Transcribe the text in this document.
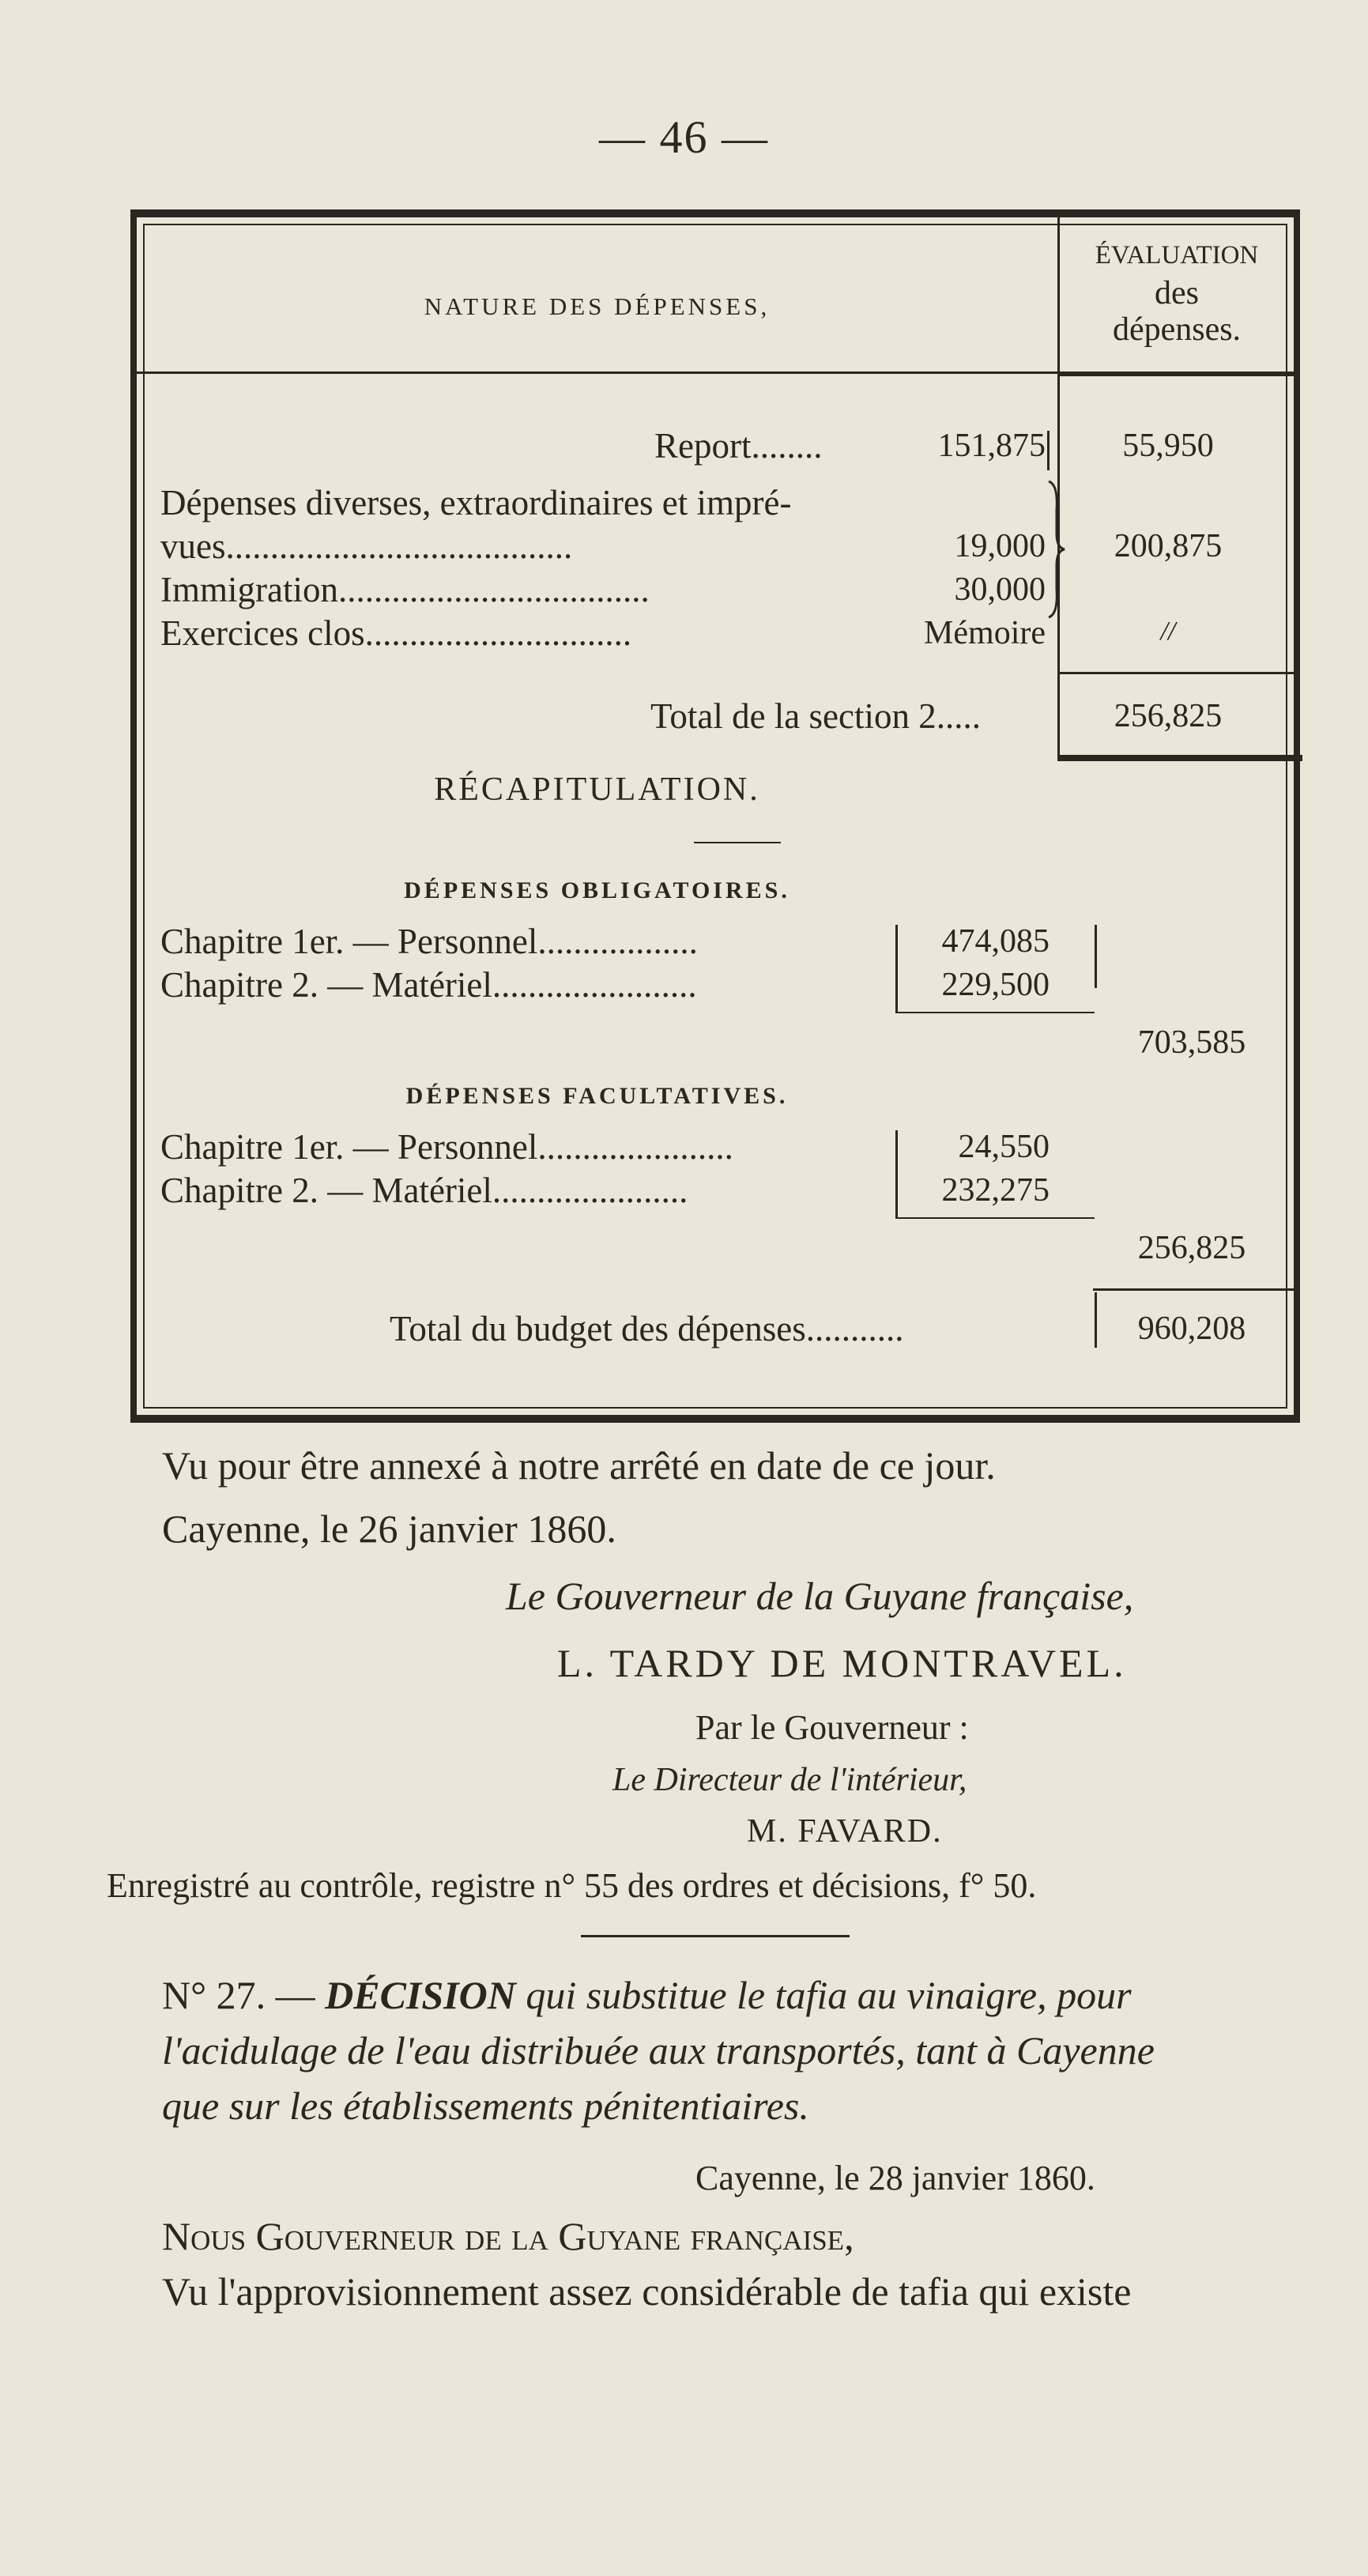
— 46 —
NATURE DES DÉPENSES,
ÉVALUATION
des
dépenses.
Report........	151,875	55,950
Dépenses diverses, extraordinaires et impré-
vues.......................................	19,000
Immigration...................................	30,000
200,875
Exercices clos..............................	Mémoire	//
Total de la section 2.....	256,825
RÉCAPITULATION.
DÉPENSES OBLIGATOIRES.
Chapitre 1er. — Personnel..................	474,085
Chapitre 2. — Matériel.......................	229,500
703,585
DÉPENSES FACULTATIVES.
Chapitre 1er. — Personnel......................	24,550
Chapitre 2. — Matériel......................	232,275
256,825
Total du budget des dépenses...........	960,208
Vu pour être annexé à notre arrêté en date de ce jour.
Cayenne, le 26 janvier 1860.
Le Gouverneur de la Guyane française,
L. TARDY DE MONTRAVEL.
Par le Gouverneur :
Le Directeur de l'intérieur,
M. FAVARD.
Enregistré au contrôle, registre n° 55 des ordres et décisions, f° 50.
N° 27. — DÉCISION qui substitue le tafia au vinaigre, pour
l'acidulage de l'eau distribuée aux transportés, tant à Cayenne
que sur les établissements pénitentiaires.
Cayenne, le 28 janvier 1860.
Nous Gouverneur de la Guyane française,
Vu l'approvisionnement assez considérable de tafia qui existe
